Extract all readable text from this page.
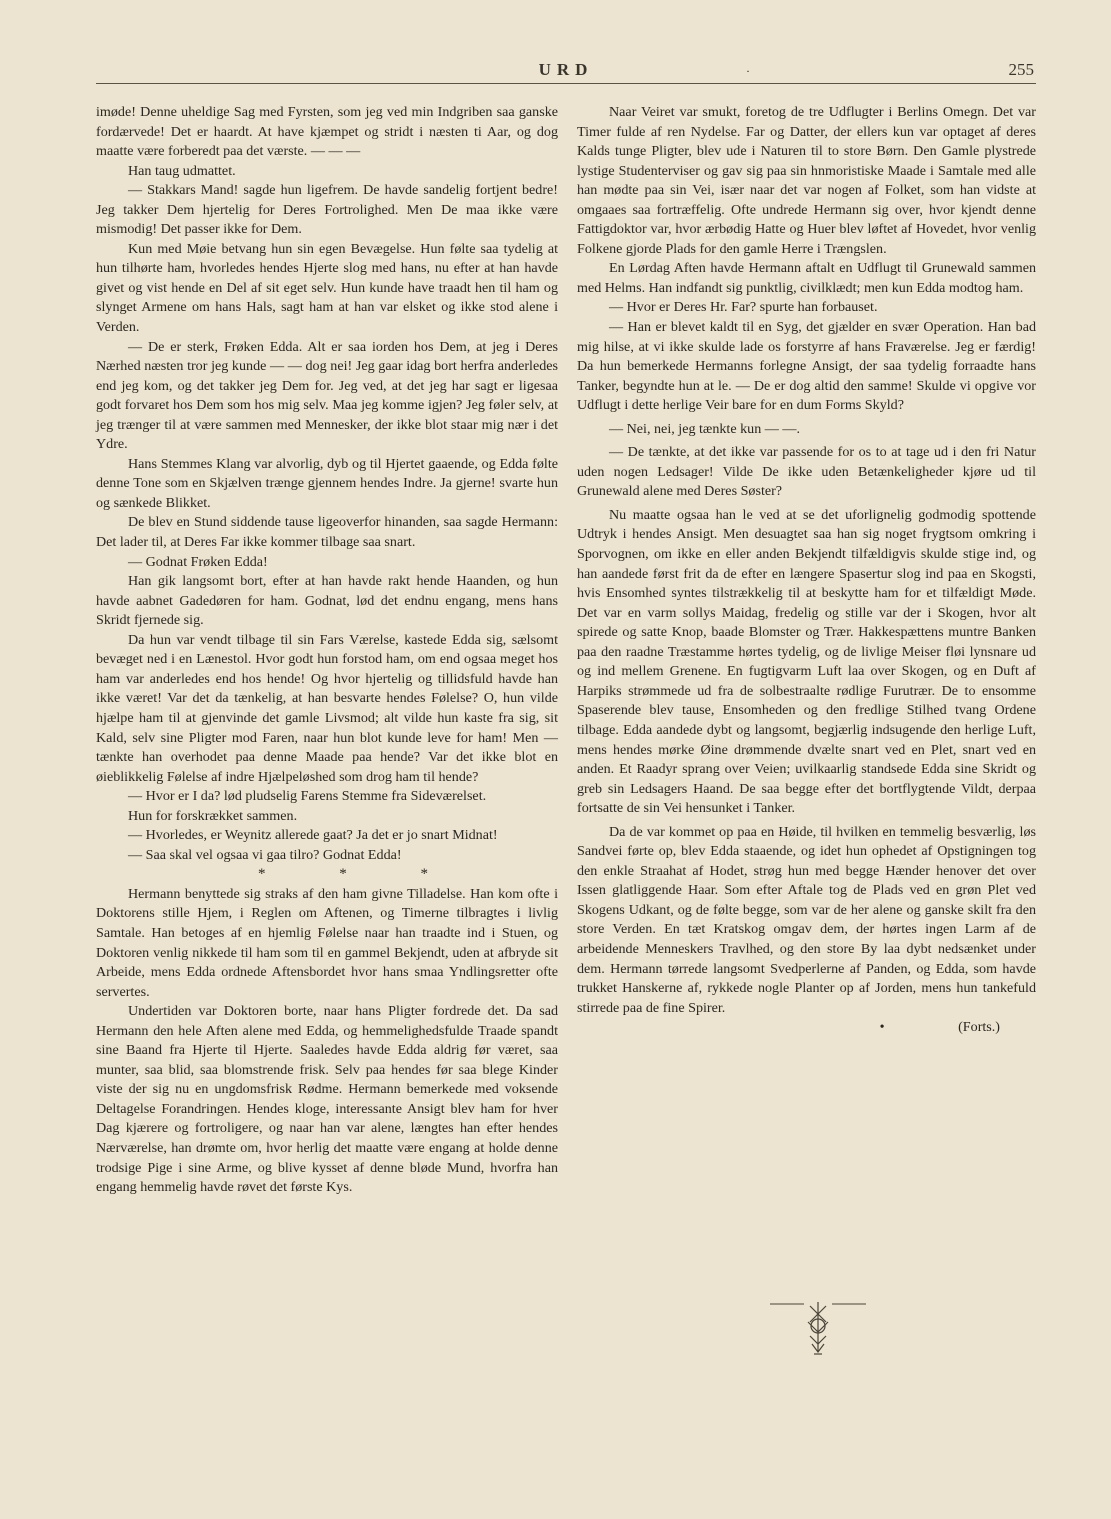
URD	·	255

imøde! Denne uheldige Sag med Fyrsten, som jeg ved min Indgriben saa ganske fordærvede! Det er haardt. At have kjæmpet og stridt i næsten ti Aar, og dog maatte være forberedt paa det værste. — — —

Han taug udmattet.

— Stakkars Mand! sagde hun ligefrem. De havde sandelig fortjent bedre! Jeg takker Dem hjertelig for Deres Fortrolighed. Men De maa ikke være mismodig! Det passer ikke for Dem.

Kun med Møie betvang hun sin egen Bevægelse. Hun følte saa tydelig at hun tilhørte ham, hvorledes hendes Hjerte slog med hans, nu efter at han havde givet og vist hende en Del af sit eget selv. Hun kunde have traadt hen til ham og slynget Armene om hans Hals, sagt ham at han var elsket og ikke stod alene i Verden.

— De er sterk, Frøken Edda. Alt er saa iorden hos Dem, at jeg i Deres Nærhed næsten tror jeg kunde — — dog nei! Jeg gaar idag bort herfra anderledes end jeg kom, og det takker jeg Dem for. Jeg ved, at det jeg har sagt er ligesaa godt forvaret hos Dem som hos mig selv. Maa jeg komme igjen? Jeg føler selv, at jeg trænger til at være sammen med Mennesker, der ikke blot staar mig nær i det Ydre.

Hans Stemmes Klang var alvorlig, dyb og til Hjertet gaaende, og Edda følte denne Tone som en Skjælven trænge gjennem hendes Indre. Ja gjerne! svarte hun og sænkede Blikket.

De blev en Stund siddende tause ligeoverfor hinanden, saa sagde Hermann: Det lader til, at Deres Far ikke kommer tilbage saa snart.

— Godnat Frøken Edda!

Han gik langsomt bort, efter at han havde rakt hende Haanden, og hun havde aabnet Gadedøren for ham. Godnat, lød det endnu engang, mens hans Skridt fjernede sig.

Da hun var vendt tilbage til sin Fars Værelse, kastede Edda sig, sælsomt bevæget ned i en Lænestol. Hvor godt hun forstod ham, om end ogsaa meget hos ham var anderledes end hos hende! Og hvor hjertelig og tillidsfuld havde han ikke været! Var det da tænkelig, at han besvarte hendes Følelse? O, hun vilde hjælpe ham til at gjenvinde det gamle Livsmod; alt vilde hun kaste fra sig, sit Kald, selv sine Pligter mod Faren, naar hun blot kunde leve for ham! Men — tænkte han overhodet paa denne Maade paa hende? Var det ikke blot en øieblikkelig Følelse af indre Hjælpeløshed som drog ham til hende?

— Hvor er I da? lød pludselig Farens Stemme fra Sideværelset.

Hun for forskrækket sammen.

— Hvorledes, er Weynitz allerede gaat? Ja det er jo snart Midnat!

— Saa skal vel ogsaa vi gaa tilro? Godnat Edda!

* * *

Hermann benyttede sig straks af den ham givne Tilladelse. Han kom ofte i Doktorens stille Hjem, i Reglen om Aftenen, og Timerne tilbragtes i livlig Samtale. Han betoges af en hjemlig Følelse naar han traadte ind i Stuen, og Doktoren venlig nikkede til ham som til en gammel Bekjendt, uden at afbryde sit Arbeide, mens Edda ordnede Aftensbordet hvor hans smaa Yndlingsretter ofte servertes.

Undertiden var Doktoren borte, naar hans Pligter fordrede det. Da sad Hermann den hele Aften alene med Edda, og hemmelighedsfulde Traade spandt sine Baand fra Hjerte til Hjerte. Saaledes havde Edda aldrig før været, saa munter, saa blid, saa blomstrende frisk. Selv paa hendes før saa blege Kinder viste der sig nu en ungdomsfrisk Rødme. Hermann bemerkede med voksende Deltagelse Forandringen. Hendes kloge, interessante Ansigt blev ham for hver Dag kjærere og fortroligere, og naar han var alene, længtes han efter hendes Nærværelse, han drømte om, hvor herlig det maatte være engang at holde denne trodsige Pige i sine Arme, og blive kysset af denne bløde Mund, hvorfra han engang hemmelig havde røvet det første Kys.

Naar Veiret var smukt, foretog de tre Udflugter i Berlins Omegn. Det var Timer fulde af ren Nydelse. Far og Datter, der ellers kun var optaget af deres Kalds tunge Pligter, blev ude i Naturen til to store Børn. Den Gamle plystrede lystige Studenterviser og gav sig paa sin hnmoristiske Maade i Samtale med alle han mødte paa sin Vei, især naar det var nogen af Folket, som han vidste at omgaaes saa fortræffelig. Ofte undrede Hermann sig over, hvor kjendt denne Fattigdoktor var, hvor ærbødig Hatte og Huer blev løftet af Hovedet, hvor venlig Folkene gjorde Plads for den gamle Herre i Trængslen.

En Lørdag Aften havde Hermann aftalt en Udflugt til Grunewald sammen med Helms. Han indfandt sig punktlig, civilklædt; men kun Edda modtog ham.

— Hvor er Deres Hr. Far? spurte han forbauset.

— Han er blevet kaldt til en Syg, det gjælder en svær Operation. Han bad mig hilse, at vi ikke skulde lade os forstyrre af hans Fraværelse. Jeg er færdig! Da hun bemerkede Hermanns forlegne Ansigt, der saa tydelig forraadte hans Tanker, begyndte hun at le. — De er dog altid den samme! Skulde vi opgive vor Udflugt i dette herlige Veir bare for en dum Forms Skyld?

— Nei, nei, jeg tænkte kun — —.

— De tænkte, at det ikke var passende for os to at tage ud i den fri Natur uden nogen Ledsager! Vilde De ikke uden Betænkeligheder kjøre ud til Grunewald alene med Deres Søster?

Nu maatte ogsaa han le ved at se det uforlignelig godmodig spottende Udtryk i hendes Ansigt. Men desuagtet saa han sig noget frygtsom omkring i Sporvognen, om ikke en eller anden Bekjendt tilfældigvis skulde stige ind, og han aandede først frit da de efter en længere Spasertur slog ind paa en Skogsti, hvis Ensomhed syntes tilstrækkelig til at beskytte ham for et tilfældigt Møde. Det var en varm sollys Maidag, fredelig og stille var der i Skogen, hvor alt spirede og satte Knop, baade Blomster og Trær. Hakkespættens muntre Banken paa den raadne Træstamme hørtes tydelig, og de livlige Meiser fløi lynsnare ud og ind mellem Grenene. En fugtigvarm Luft laa over Skogen, og en Duft af Harpiks strømmede ud fra de solbestraalte rødlige Furutrær. De to ensomme Spaserende blev tause, Ensomheden og den fredlige Stilhed tvang Ordene tilbage. Edda aandede dybt og langsomt, begjærlig indsugende den herlige Luft, mens hendes mørke Øine drømmende dvælte snart ved en Plet, snart ved en anden. Et Raadyr sprang over Veien; uvilkaarlig standsede Edda sine Skridt og greb sin Ledsagers Haand. De saa begge efter det bortflygtende Vildt, derpaa fortsatte de sin Vei hensunket i Tanker.

Da de var kommet op paa en Høide, til hvilken en temmelig besværlig, løs Sandvei førte op, blev Edda staaende, og idet hun ophedet af Opstigningen tog den enkle Straahat af Hodet, strøg hun med begge Hænder henover det over Issen glatliggende Haar. Som efter Aftale tog de Plads ved en grøn Plet ved Skogens Udkant, og de følte begge, som var de her alene og ganske skilt fra den store Verden. En tæt Kratskog omgav dem, der hørtes ingen Larm af de arbeidende Menneskers Travlhed, og den store By laa dybt nedsænket under dem. Hermann tørrede langsomt Svedperlerne af Panden, og Edda, som havde trukket Hanskerne af, rykkede nogle Planter op af Jorden, mens hun tankefuld stirrede paa de fine Spirer.

•	(Forts.)
